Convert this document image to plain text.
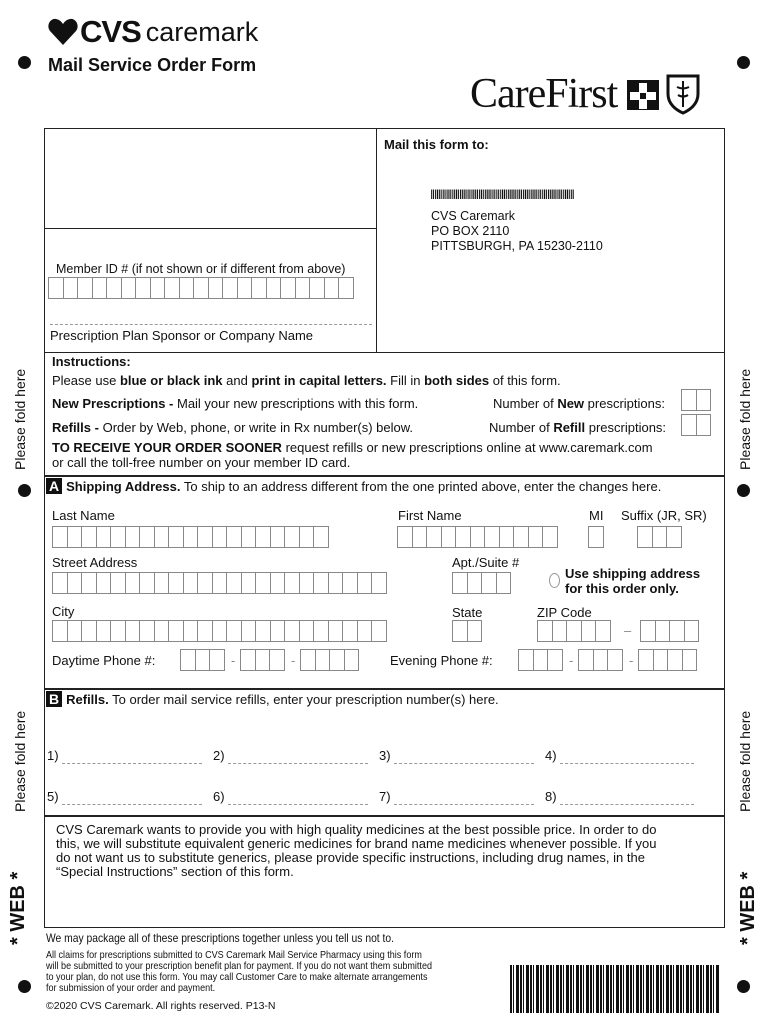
CVS caremark
Mail Service Order Form
CareFirst
Please fold here
Please fold here
Please fold here
Please fold here
* WEB *	* WEB *
Mail this form to:
ǀǁǀǀǁǁǀǁǀǀǁǀǀǁǁǀǀǁǀǁǀǀǁǁǁǀǀǁǀǀǀǁǀǁǀǀǁǀǀǁǁǀǁǀǀǀǁǀǁǀǀǁǀ
CVS Caremark
PO BOX 2110
PITTSBURGH, PA 15230-2110
Member ID # (if not shown or if different from above)
Prescription Plan Sponsor or Company Name
Instructions:
Please use blue or black ink and print in capital letters. Fill in both sides of this form.
New Prescriptions - Mail your new prescriptions with this form.	Number of New prescriptions:
Refills - Order by Web, phone, or write in Rx number(s) below.	Number of Refill prescriptions:
TO RECEIVE YOUR ORDER SOONER request refills or new prescriptions online at www.caremark.com
or call the toll-free number on your member ID card.
A Shipping Address. To ship to an address different from the one printed above, enter the changes here.
Last Name	First Name	MI Suffix (JR, SR)
Street Address	Apt./Suite #
Use shipping address
for this order only.
City	State	ZIP Code
–
Daytime Phone #:	-	-	Evening Phone #:	-	-
B Refills. To order mail service refills, enter your prescription number(s) here.
1)	2)	3)	4)
5)	6)	7)	8)
CVS Caremark wants to provide you with high quality medicines at the best possible price. In order to do
this, we will substitute equivalent generic medicines for brand name medicines whenever possible. If you
do not want us to substitute generics, please provide specific instructions, including drug names, in the
“Special Instructions” section of this form.
We may package all of these prescriptions together unless you tell us not to.
All claims for prescriptions submitted to CVS Caremark Mail Service Pharmacy using this form
will be submitted to your prescription benefit plan for payment. If you do not want them submitted
to your plan, do not use this form. You may call Customer Care to make alternate arrangements
for submission of your order and payment.
©2020 CVS Caremark. All rights reserved. P13-N
